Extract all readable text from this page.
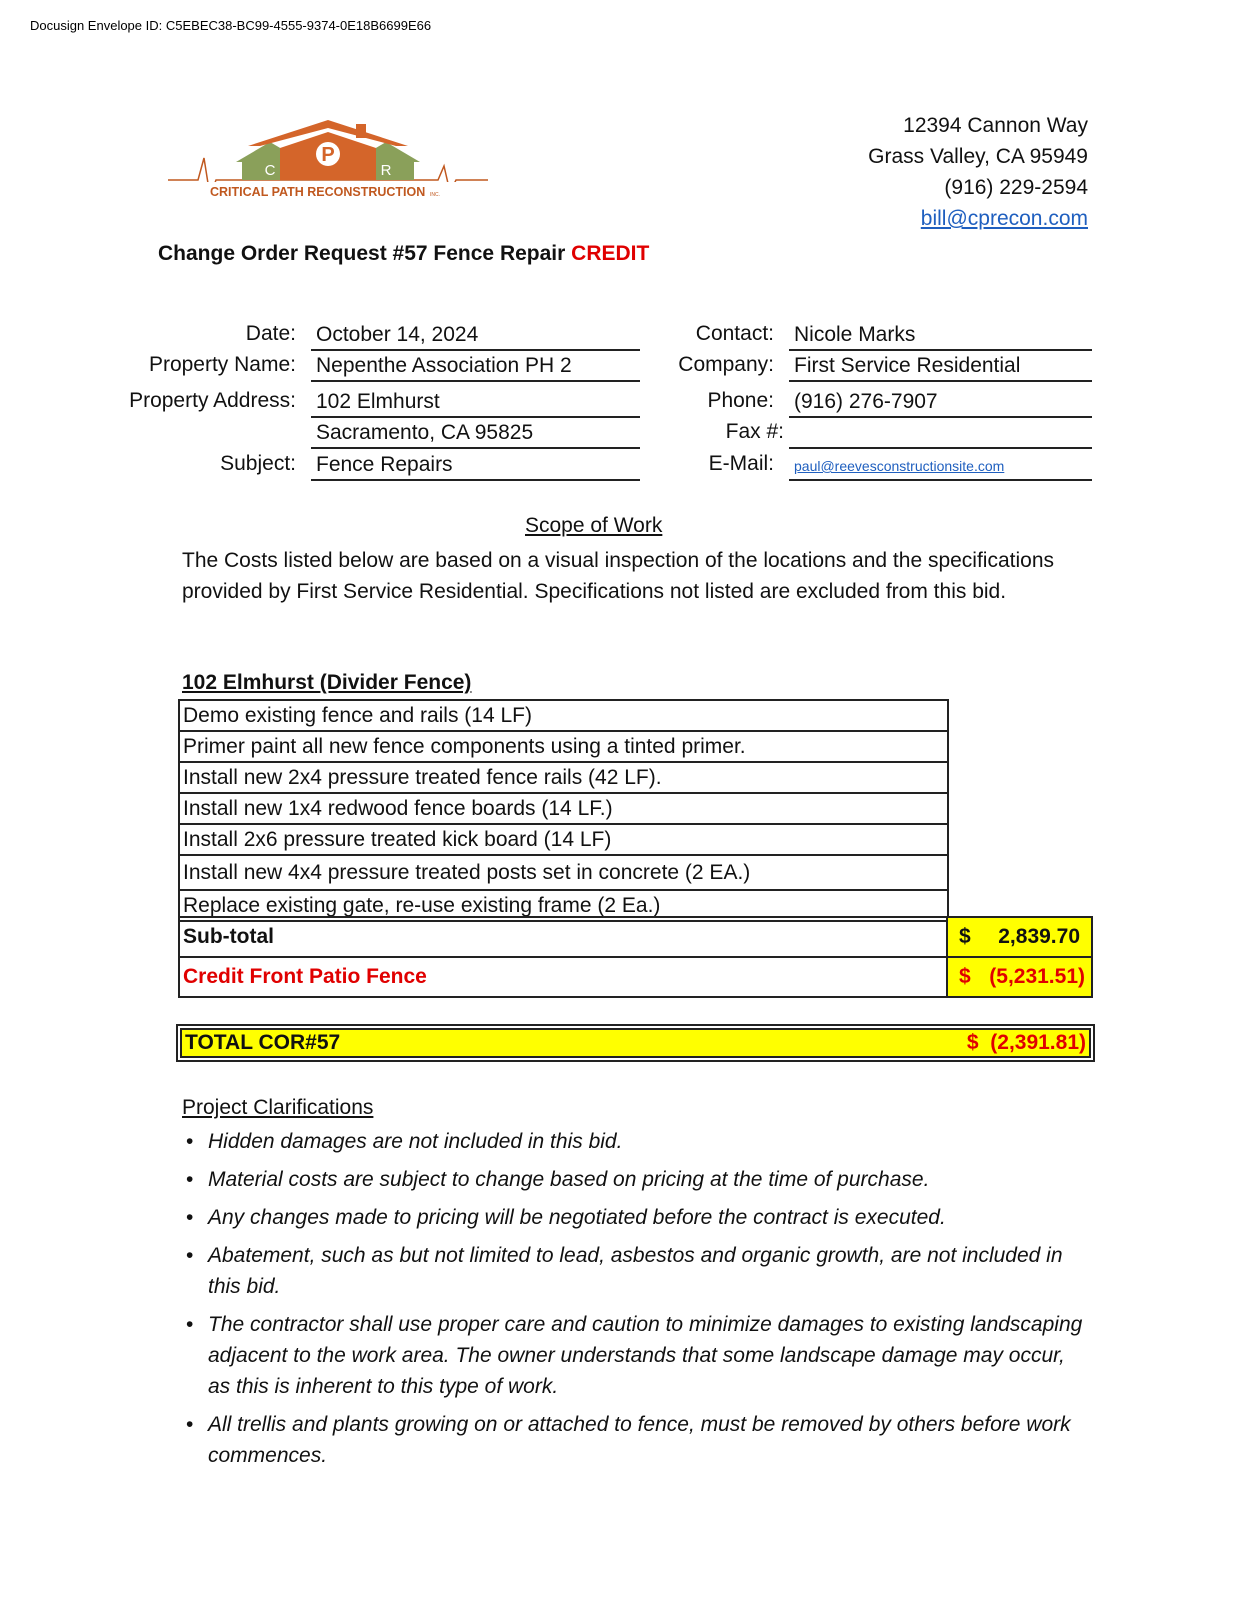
Docusign Envelope ID: C5EBEC38-BC99-4555-9374-0E18B6699E66
P
C	R
CRITICAL PATH RECONSTRUCTION INC.
12394 Cannon Way
Grass Valley, CA 95949
(916) 229-2594
bill@cprecon.com
Change Order Request #57 Fence Repair CREDIT
Date: October 14, 2024
Property Name: Nepenthe Association PH 2
Property Address: 102 Elmhurst
Sacramento, CA 95825
Subject: Fence Repairs
Contact: Nicole Marks
Company: First Service Residential
Phone: (916) 276-7907
Fax #:
E-Mail:	paul@reevesconstructionsite.com
Scope of Work
The Costs listed below are based on a visual inspection of the locations and the specifications provided by First Service Residential. Specifications not listed are excluded from this bid.
102 Elmhurst (Divider Fence)
Demo existing fence and rails (14 LF)
Primer paint all new fence components using a tinted primer.
Install new 2x4 pressure treated fence rails (42 LF).
Install new 1x4 redwood fence boards (14 LF.)
Install 2x6 pressure treated kick board (14 LF)
Install new 4x4 pressure treated posts set in concrete (2 EA.)
Replace existing gate, re-use existing frame (2 Ea.)
Sub-total	$ 2,839.70

Credit Front Patio Fence	$ (5,231.51)
TOTAL COR#57	$ (2,391.81)
Project Clarifications
• Hidden damages are not included in this bid.
• Material costs are subject to change based on pricing at the time of purchase.
• Any changes made to pricing will be negotiated before the contract is executed.
• Abatement, such as but not limited to lead, asbestos and organic growth, are not included in this bid.
• The contractor shall use proper care and caution to minimize damages to existing landscaping adjacent to the work area. The owner understands that some landscape damage may occur, as this is inherent to this type of work.
• All trellis and plants growing on or attached to fence, must be removed by others before work commences.
